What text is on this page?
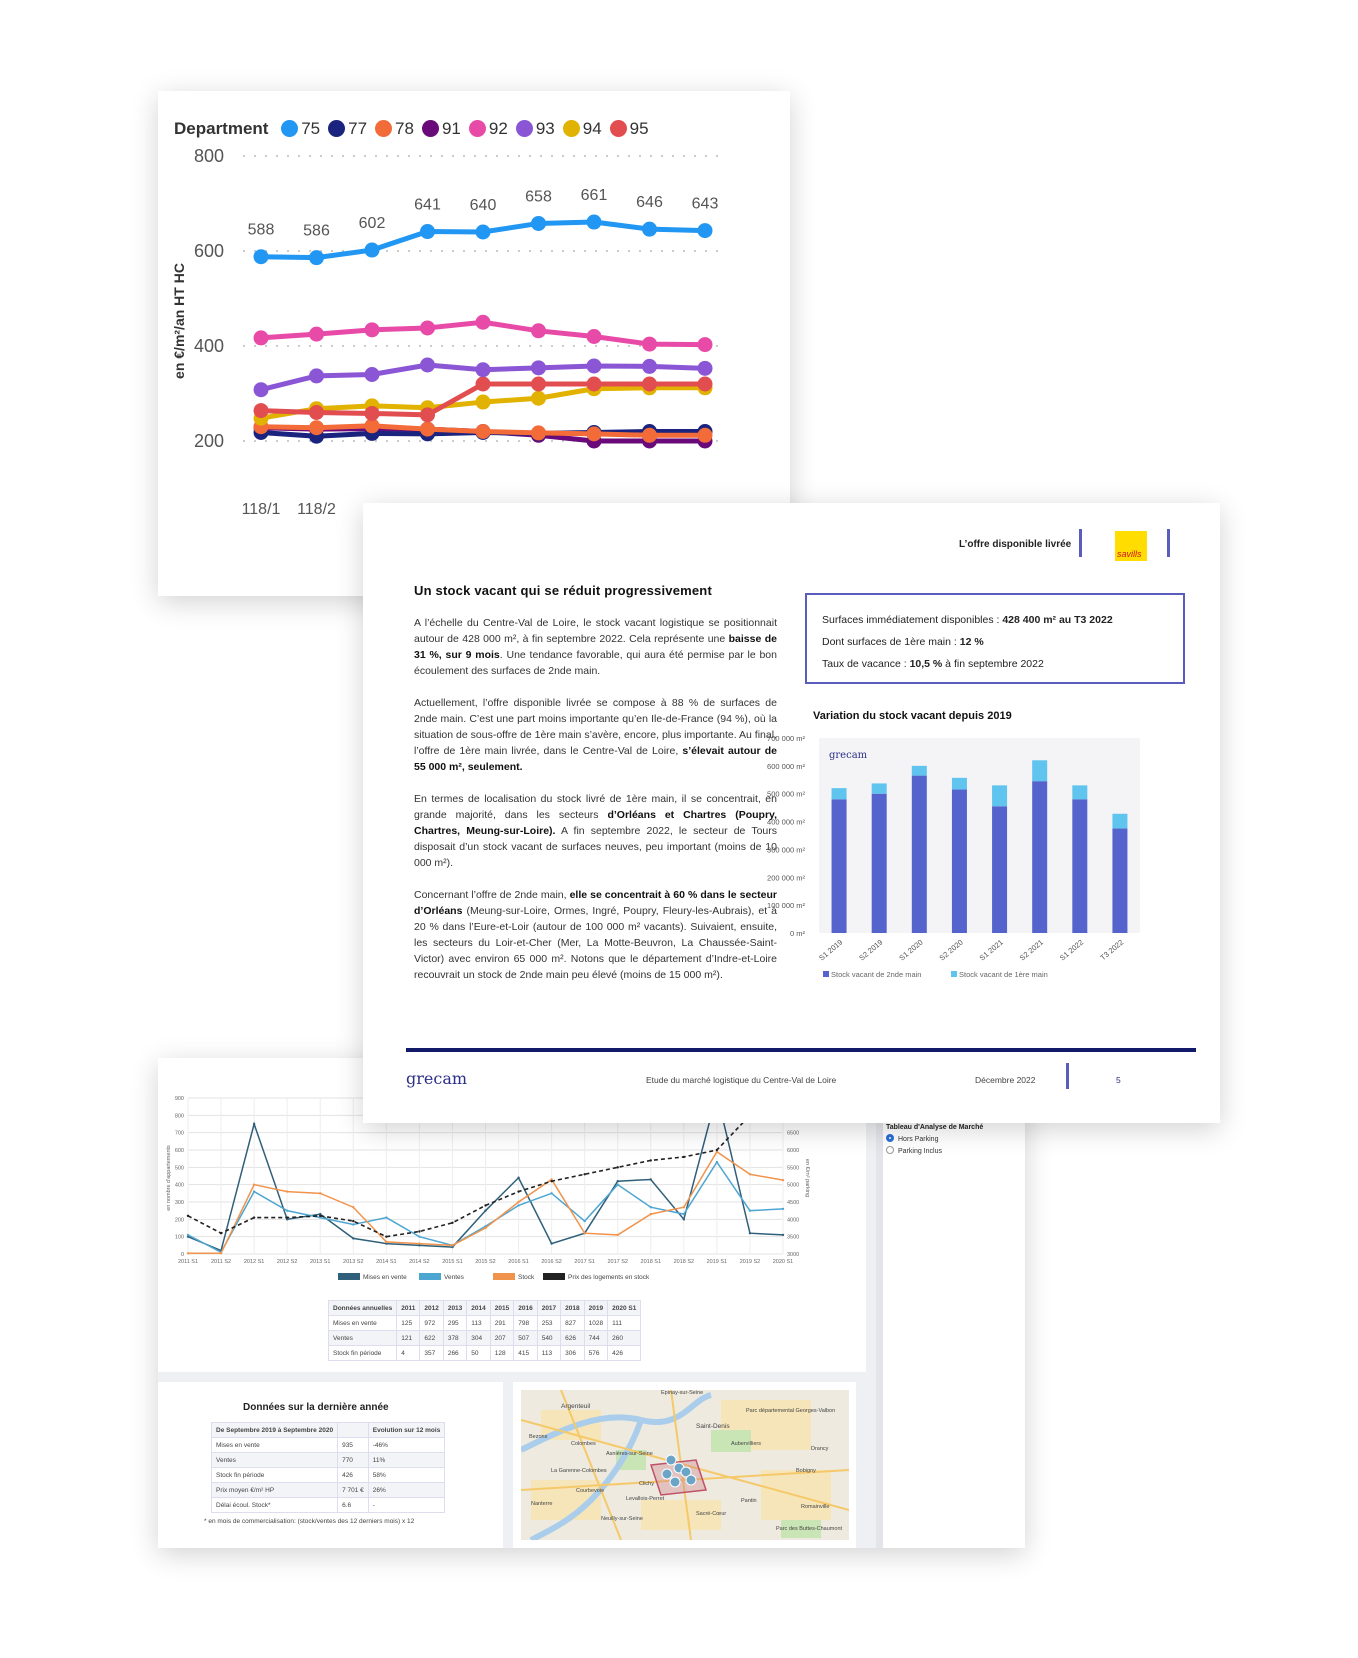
Department 75 77 78 91 92 93 94 95
200
400
600
800
en €/m²/an HT HC
588 586 602
641 640
658 661 646 643
118/1 118/2
L’offre disponible livrée
savills
Un stock vacant qui se réduit progressivement

A l’échelle du Centre-Val de Loire, le stock vacant logistique se positionnait autour de 428 000 m², à fin septembre 2022. Cela représente une baisse de 31 %, sur 9 mois. Une tendance favorable, qui aura été permise par le bon écoulement des surfaces de 2nde main.

Actuellement, l’offre disponible livrée se compose à 88 % de surfaces de 2nde main. C’est une part moins importante qu’en Ile-de-France (94 %), où la situation de sous-offre de 1ère main s’avère, encore, plus importante. Au final, l’offre de 1ère main livrée, dans le Centre-Val de Loire, s’élevait autour de 55 000 m², seulement.

En termes de localisation du stock livré de 1ère main, il se concentrait, en grande majorité, dans les secteurs d’Orléans et Chartres (Poupry, Chartres, Meung-sur-Loire). A fin septembre 2022, le secteur de Tours disposait d’un stock vacant de surfaces neuves, peu important (moins de 10 000 m²).

Concernant l’offre de 2nde main, elle se concentrait à 60 % dans le secteur d’Orléans (Meung-sur-Loire, Ormes, Ingré, Poupry, Fleury-les-Aubrais), et à 20 % dans l’Eure-et-Loir (autour de 100 000 m² vacants). Suivaient, ensuite, les secteurs du Loir-et-Cher (Mer, La Motte-Beuvron, La Chaussée-Saint-Victor) avec environ 65 000 m². Notons que le département d’Indre-et-Loire recouvrait un stock de 2nde main peu élevé (moins de 15 000 m²).

Surfaces immédiatement disponibles : 428 400 m² au T3 2022
Dont surfaces de 1ère main : 12 %
Taux de vacance : 10,5 % à fin septembre 2022
Variation du stock vacant depuis 2019
0 m²
100 000 m²
200 000 m²
300 000 m²
400 000 m²
500 000 m²
600 000 m²
700 000 m²
grecam
S1 2019 S2 2019 S1 2020 S2 2020 S1 2021 S2 2021 S1 2022 T3 2022
Stock vacant de 2nde main	Stock vacant de 1ère main
grecam	Etude du marché logistique du Centre-Val de Loire	Décembre 2022	5
0
100
200
300
400
500
600
700
800
900
2011 S1 2011 S2 2012 S1 2012 S2 2013 S1 2013 S2 2014 S1 2014 S2 2015 S1 2015 S2 2016 S1 2016 S2 2017 S1 2017 S2 2018 S1 2018 S2 2019 S1 2019 S2 2020 S1
3000
3500
4000
4500
5000
5500
6000
6500
en nombre d'appartements	en €/m² parking
Mises en vente	Ventes	Stock	Prix des logements en stock
Données annuelles	2011	2012	2013	2014	2015	2016	2017	2018	2019	2020 S1
Mises en vente	125	972	295	113	291	798	253	827	1028	111
Ventes	121	622	378	304	207	507	540	626	744	260
Stock fin période	4	357	266	50	128	415	113	306	576	426

Tableau d'Analyse de Marché
Hors Parking
Parking Inclus
Données sur la dernière année
De Septembre 2019 à Septembre 2020		Evolution sur 12 mois
Mises en vente	935	-46%
Ventes	770	11%
Stock fin période	426	58%
Prix moyen €/m² HP	7 701 €	26%
Délai écoul. Stock*	6.6	-
* en mois de commercialisation: (stock/ventes des 12 derniers mois) x 12
Argenteuil
Épinay-sur-Seine
Saint-Denis
Colombes
Asnières-sur-Seine
Clichy
Aubervilliers
Drancy
Bobigny
Nanterre
Courbevoie
Levallois-Perret	Pantin
Neuilly-sur-Seine
Sacré-Cœur
La Garenne-Colombes
Bezons
Parc départemental Georges-Valbon
Parc des Buttes-Chaumont
Romainville
